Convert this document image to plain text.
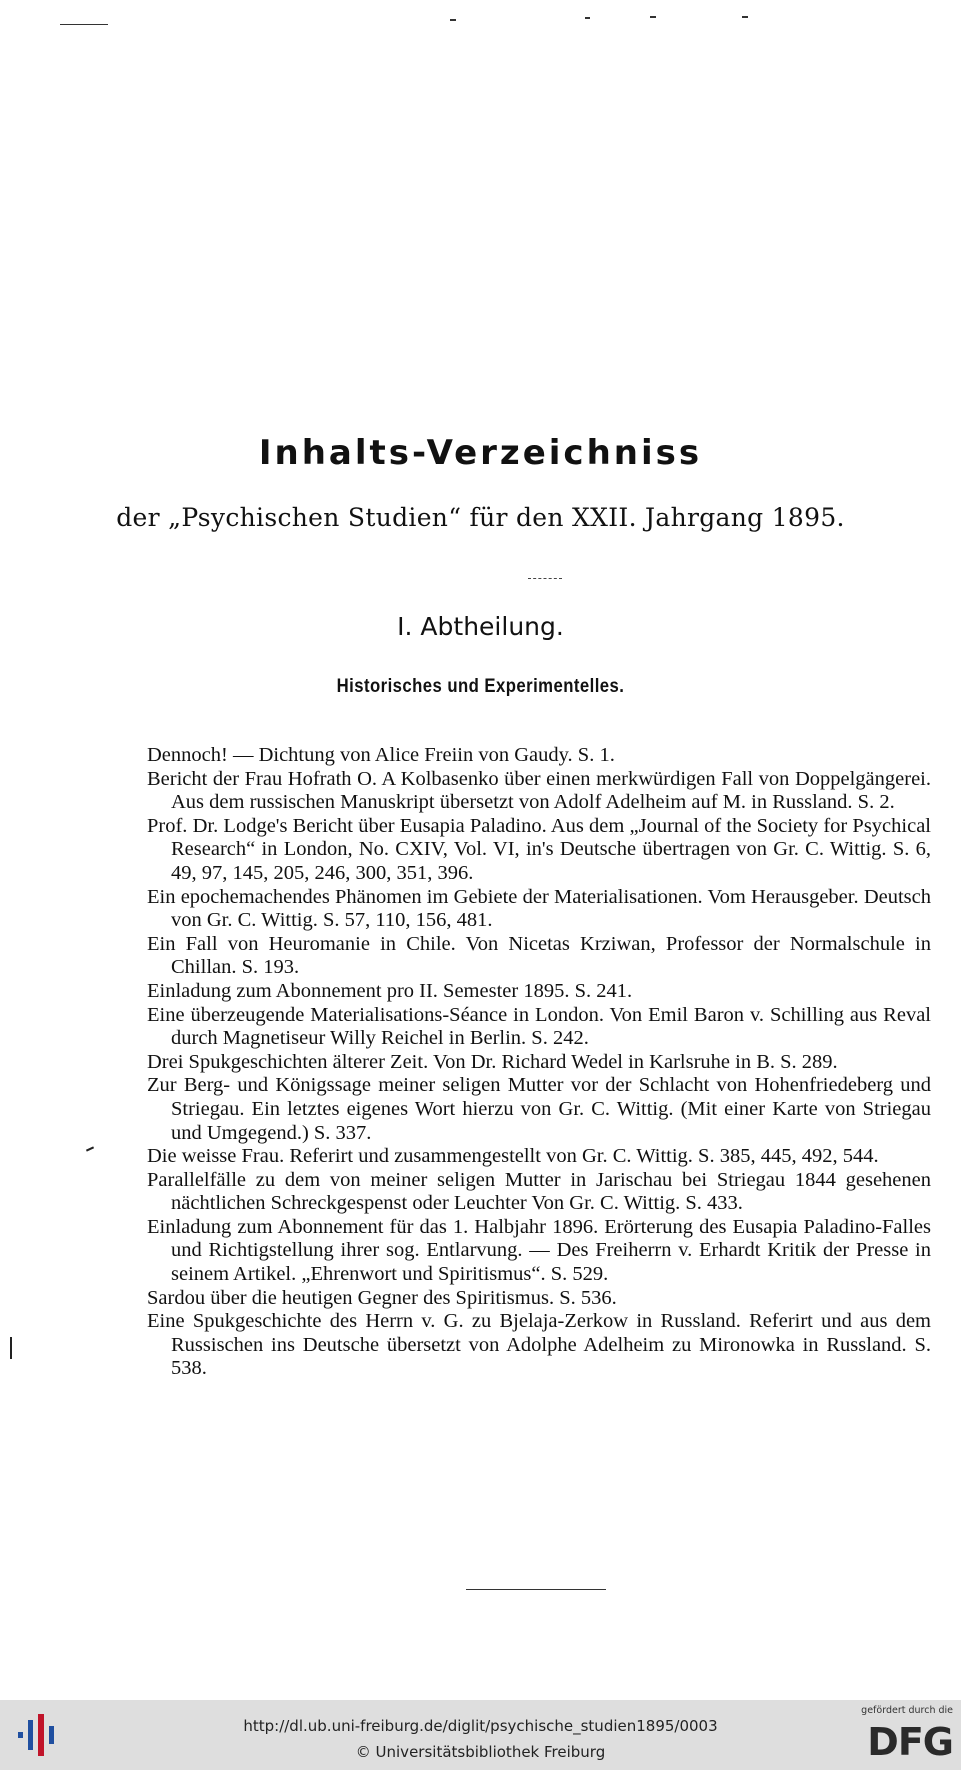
Inhalts-Verzeichniss
der „Psychischen Studien“ für den XXII. Jahrgang 1895.
I. Abtheilung.
Historisches und Experimentelles.
Dennoch! — Dichtung von Alice Freiin von Gaudy. S. 1.
Bericht der Frau Hofrath O. A Kolbasenko über einen merkwürdigen Fall von Doppelgängerei. Aus dem russischen Manuskript übersetzt von Adolf Adelheim auf M. in Russland. S. 2.
Prof. Dr. Lodge's Bericht über Eusapia Paladino. Aus dem „Journal of the Society for Psychical Research“ in London, No. CXIV, Vol. VI, in's Deutsche übertragen von Gr. C. Wittig. S. 6, 49, 97, 145, 205, 246, 300, 351, 396.
Ein epochemachendes Phänomen im Gebiete der Materialisationen. Vom Herausgeber. Deutsch von Gr. C. Wittig. S. 57, 110, 156, 481.
Ein Fall von Heuromanie in Chile. Von Nicetas Krziwan, Professor der Normalschule in Chillan. S. 193.
Einladung zum Abonnement pro II. Semester 1895. S. 241.
Eine überzeugende Materialisations-Séance in London. Von Emil Baron v. Schilling aus Reval durch Magnetiseur Willy Reichel in Berlin. S. 242.
Drei Spukgeschichten älterer Zeit. Von Dr. Richard Wedel in Karlsruhe in B. S. 289.
Zur Berg- und Königssage meiner seligen Mutter vor der Schlacht von Hohenfriedeberg und Striegau. Ein letztes eigenes Wort hierzu von Gr. C. Wittig. (Mit einer Karte von Striegau und Umgegend.) S. 337.
Die weisse Frau. Referirt und zusammengestellt von Gr. C. Wittig. S. 385, 445, 492, 544.
Parallelfälle zu dem von meiner seligen Mutter in Jarischau bei Striegau 1844 gesehenen nächtlichen Schreckgespenst oder Leuchter Von Gr. C. Wittig. S. 433.
Einladung zum Abonnement für das 1. Halbjahr 1896. Erörterung des Eusapia Paladino-Falles und Richtigstellung ihrer sog. Entlarvung. — Des Freiherrn v. Erhardt Kritik der Presse in seinem Artikel. „Ehrenwort und Spiritismus“. S. 529.
Sardou über die heutigen Gegner des Spiritismus. S. 536.
Eine Spukgeschichte des Herrn v. G. zu Bjelaja-Zerkow in Russland. Referirt und aus dem Russischen ins Deutsche übersetzt von Adolphe Adelheim zu Mironowka in Russland. S. 538.
http://dl.ub.uni-freiburg.de/diglit/psychische_studien1895/0003
© Universitätsbibliothek Freiburg
gefördert durch die
DFG
